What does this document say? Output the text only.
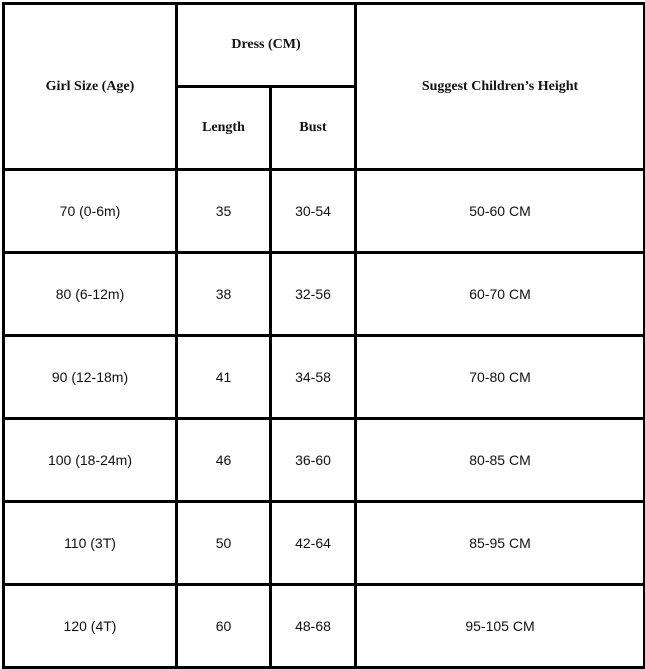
Girl Size (Age)	Dress (CM)		Suggest Children’s Height
	Length	Bust	
70 (0-6m)	35	30-54	50-60 CM
80 (6-12m)	38	32-56	60-70 CM
90 (12-18m)	41	34-58	70-80 CM
100 (18-24m)	46	36-60	80-85 CM
110 (3T)	50	42-64	85-95 CM
120 (4T)	60	48-68	95-105 CM
